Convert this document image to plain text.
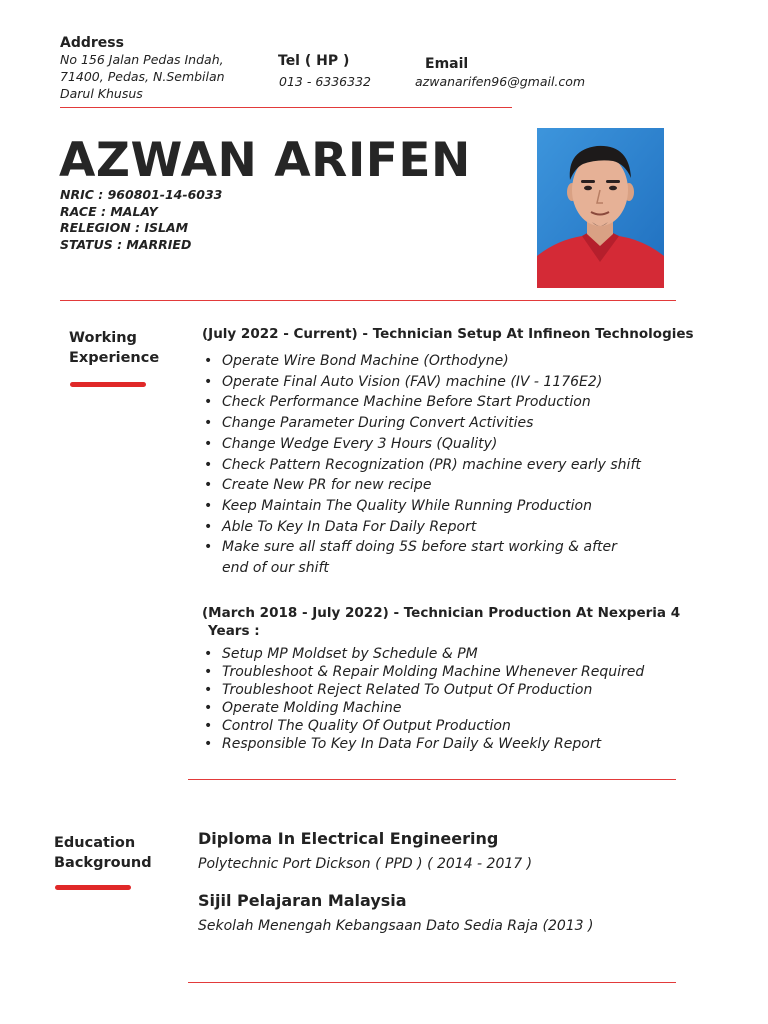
Address
No 156 Jalan Pedas Indah,
71400, Pedas, N.Sembilan
Darul Khusus
Tel ( HP )
013 - 6336332
Email
azwanarifen96@gmail.com
AZWAN ARIFEN
NRIC : 960801-14-6033
RACE : MALAY
RELEGION : ISLAM
STATUS : MARRIED
Working
Experience
(July 2022 - Current) - Technician Setup At Infineon Technologies
• Operate Wire Bond Machine (Orthodyne)
• Operate Final Auto Vision (FAV) machine (IV - 1176E2)
• Check Performance Machine Before Start Production
• Change Parameter During Convert Activities
• Change Wedge Every 3 Hours (Quality)
• Check Pattern Recognization (PR) machine every early shift
• Create New PR for new recipe
• Keep Maintain The Quality While Running Production
• Able To Key In Data For Daily Report
• Make sure all staff doing 5S before start working & after end of our shift
(March 2018 - July 2022) - Technician Production At Nexperia 4
Years :
• Setup MP Moldset by Schedule & PM
• Troubleshoot & Repair Molding Machine Whenever Required
• Troubleshoot Reject Related To Output Of Production
• Operate Molding Machine
• Control The Quality Of Output Production
• Responsible To Key In Data For Daily & Weekly Report
Education
Background
Diploma In Electrical Engineering
Polytechnic Port Dickson ( PPD ) ( 2014 - 2017 )
Sijil Pelajaran Malaysia
Sekolah Menengah Kebangsaan Dato Sedia Raja (2013 )
